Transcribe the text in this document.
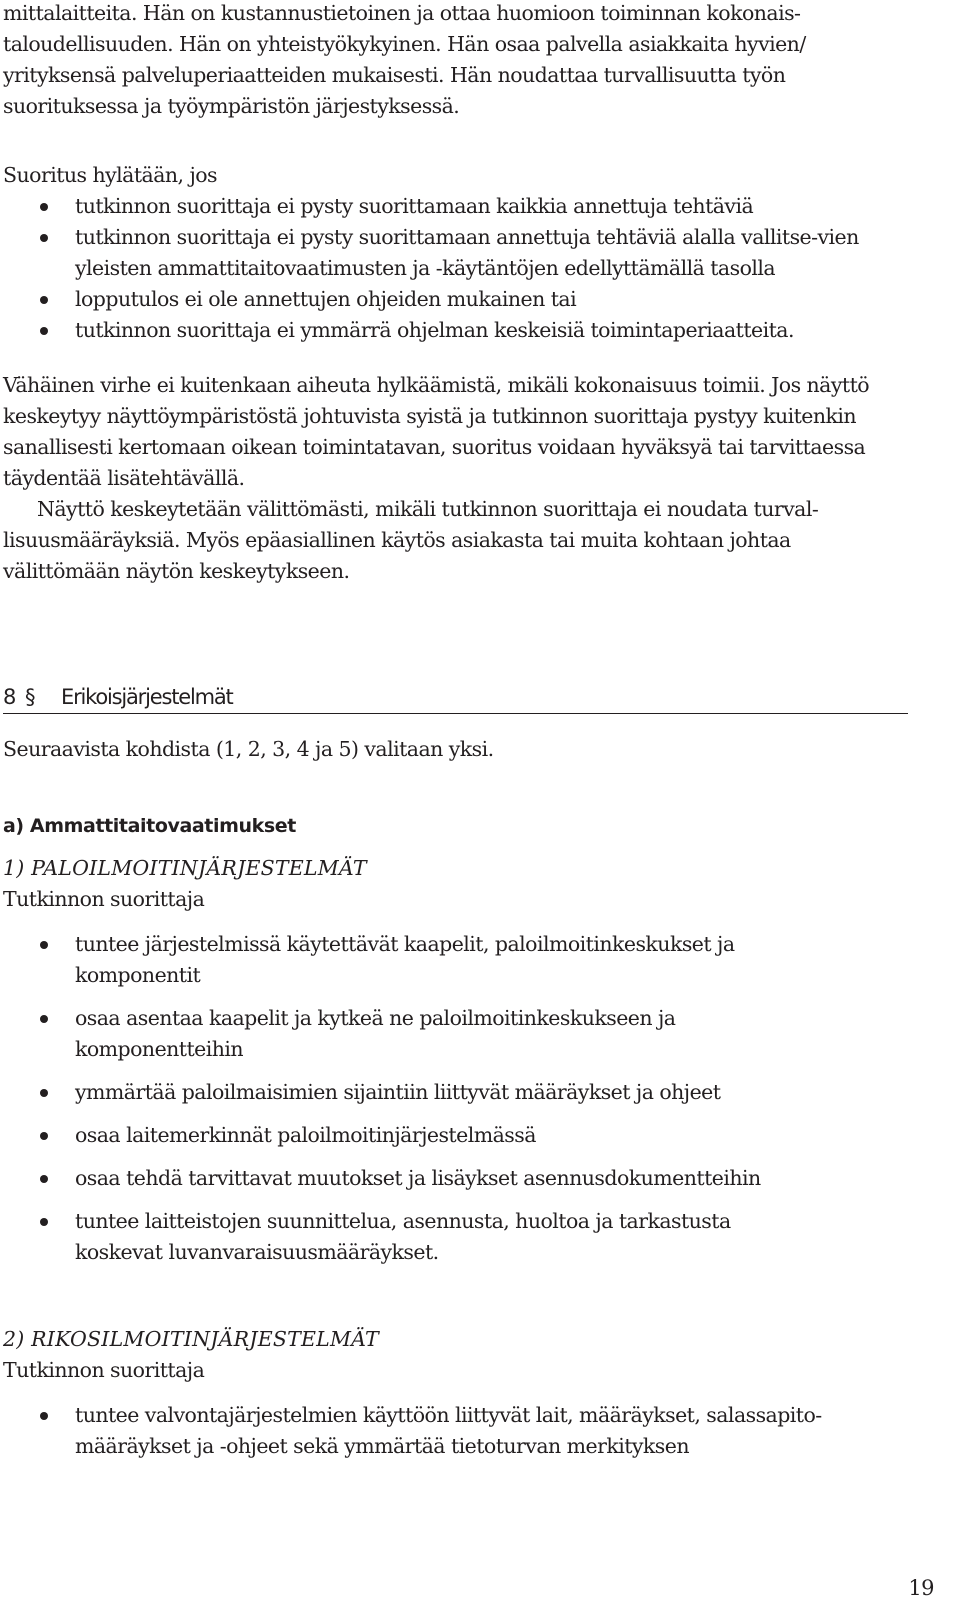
mittalaitteita. Hän on kustannustietoinen ja ottaa huomioon toiminnan kokonais-
taloudellisuuden. Hän on yhteistyökykyinen. Hän osaa palvella asiakkaita hyvien/
yrityksensä palveluperiaatteiden mukaisesti. Hän noudattaa turvallisuutta työn
suorituksessa ja työympäristön järjestyksessä.

Suoritus hylätään, jos

tutkinnon suorittaja ei pysty suorittamaan kaikkia annettuja tehtäviä
tutkinnon suorittaja ei pysty suorittamaan annettuja tehtäviä alalla vallitse-vien yleisten ammattitaitovaatimusten ja -käytäntöjen edellyttämällä tasolla
lopputulos ei ole annettujen ohjeiden mukainen tai
tutkinnon suorittaja ei ymmärrä ohjelman keskeisiä toimintaperiaatteita.

Vähäinen virhe ei kuitenkaan aiheuta hylkäämistä, mikäli kokonaisuus toimii. Jos näyttö keskeytyy näyttöympäristöstä johtuvista syistä ja tutkinnon suorittaja pystyy kuitenkin sanallisesti kertomaan oikean toimintatavan, suoritus voidaan hyväksyä tai tarvittaessa täydentää lisätehtävällä.

Näyttö keskeytetään välittömästi, mikäli tutkinnon suorittaja ei noudata turval-lisuusmääräyksiä. Myös epäasiallinen käytös asiakasta tai muita kohtaan johtaa välittömään näytön keskeytykseen.

8 § Erikoisjärjestelmät
Seuraavista kohdista (1, 2, 3, 4 ja 5) valitaan yksi.
a) Ammattitaitovaatimukset

1) PALOILMOITINJÄRJESTELMÄT

Tutkinnon suorittaja

tuntee järjestelmissä käytettävät kaapelit, paloilmoitinkeskukset ja komponentit
osaa asentaa kaapelit ja kytkeä ne paloilmoitinkeskukseen ja komponentteihin
ymmärtää paloilmaisimien sijaintiin liittyvät määräykset ja ohjeet
osaa laitemerkinnät paloilmoitinjärjestelmässä
osaa tehdä tarvittavat muutokset ja lisäykset asennusdokumentteihin
tuntee laitteistojen suunnittelua, asennusta, huoltoa ja tarkastusta koskevat luvanvaraisuusmääräykset.

2) RIKOSILMOITINJÄRJESTELMÄT

Tutkinnon suorittaja

tuntee valvontajärjestelmien käyttöön liittyvät lait, määräykset, salassapito-määräykset ja -ohjeet sekä ymmärtää tietoturvan merkityksen
19
